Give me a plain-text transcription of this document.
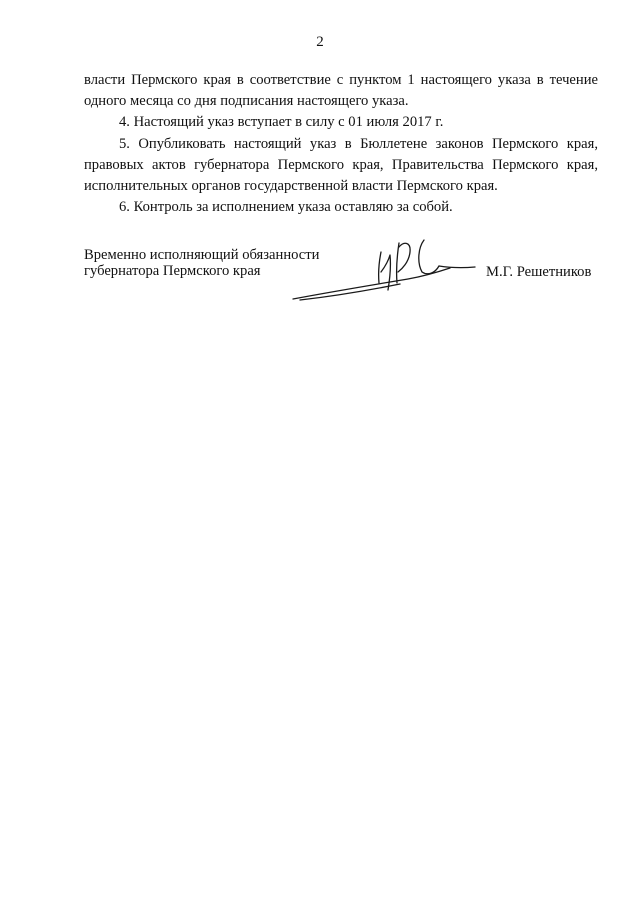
2

власти Пермского края в соответствие с пунктом 1 настоящего указа в течение
одного месяца со дня подписания настоящего указа.

4. Настоящий указ вступает в силу с 01 июля 2017 г.

5. Опубликовать настоящий указ в Бюллетене законов Пермского края,
правовых актов губернатора Пермского края, Правительства Пермского края,
исполнительных органов государственной власти Пермского края.

6. Контроль за исполнением указа оставляю за собой.

Временно исполняющий обязанности
губернатора Пермского края	М.Г. Решетников
